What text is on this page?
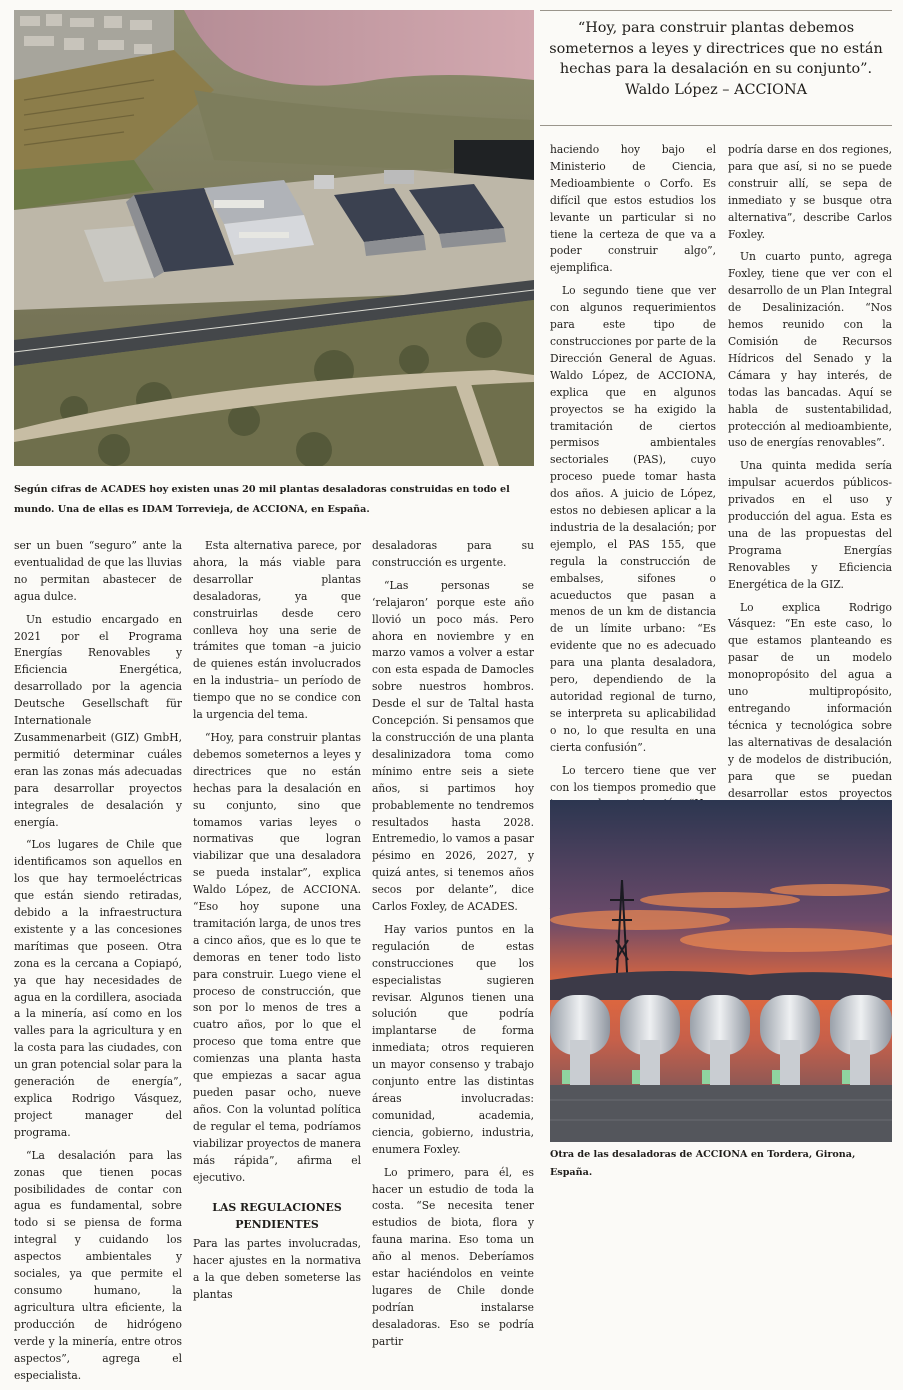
Según cifras de ACADES hoy existen unas 20 mil plantas desaladoras construidas en todo el mundo. Una de ellas es IDAM Torrevieja, de ACCIONA, en España.
“Hoy, para construir plantas debemos someternos a leyes y directrices que no están hechas para la desalación en su conjunto”.
Waldo López – ACCIONA

ser un buen “seguro” ante la eventualidad de que las lluvias no permitan abastecer de agua dulce.

Un estudio encargado en 2021 por el Programa Energías Renovables y Eficiencia Energética, desarrollado por la agencia Deutsche Gesellschaft für Internationale Zusammenarbeit (GIZ) GmbH, permitió determinar cuáles eran las zonas más adecuadas para desarrollar proyectos integrales de desalación y energía.

“Los lugares de Chile que identificamos son aquellos en los que hay termoeléctricas que están siendo retiradas, debido a la infraestructura existente y a las concesiones marítimas que poseen. Otra zona es la cercana a Copiapó, ya que hay necesidades de agua en la cordillera, asociada a la minería, así como en los valles para la agricultura y en la costa para las ciudades, con un gran potencial solar para la generación de energía”, explica Rodrigo Vásquez, project manager del programa.

“La desalación para las zonas que tienen pocas posibilidades de contar con agua es fundamental, sobre todo si se piensa de forma integral y cuidando los aspectos ambientales y sociales, ya que permite el consumo humano, la agricultura ultra eficiente, la producción de hidrógeno verde y la minería, entre otros aspectos”, agrega el especialista.

Esta alternativa parece, por ahora, la más viable para desarrollar plantas desaladoras, ya que construirlas desde cero conlleva hoy una serie de trámites que toman –a juicio de quienes están involucrados en la industria– un período de tiempo que no se condice con la urgencia del tema.

“Hoy, para construir plantas debemos someternos a leyes y directrices que no están hechas para la desalación en su conjunto, sino que tomamos varias leyes o normativas que logran viabilizar que una desaladora se pueda instalar”, explica Waldo López, de ACCIONA. “Eso hoy supone una tramitación larga, de unos tres a cinco años, que es lo que te demoras en tener todo listo para construir. Luego viene el proceso de construcción, que son por lo menos de tres a cuatro años, por lo que el proceso que toma entre que comienzas una planta hasta que empiezas a sacar agua pueden pasar ocho, nueve años. Con la voluntad política de regular el tema, podríamos viabilizar proyectos de manera más rápida”, afirma el ejecutivo.

LAS REGULACIONES PENDIENTES

Para las partes involucradas, hacer ajustes en la normativa a la que deben someterse las plantas

desaladoras para su construcción es urgente.

“Las personas se ‘relajaron’ porque este año llovió un poco más. Pero ahora en noviembre y en marzo vamos a volver a estar con esta espada de Damocles sobre nuestros hombros. Desde el sur de Taltal hasta Concepción. Si pensamos que la construcción de una planta desalinizadora toma como mínimo entre seis a siete años, si partimos hoy probablemente no tendremos resultados hasta 2028. Entremedio, lo vamos a pasar pésimo en 2026, 2027, y quizá antes, si tenemos años secos por delante”, dice Carlos Foxley, de ACADES.

Hay varios puntos en la regulación de estas construcciones que los especialistas sugieren revisar. Algunos tienen una solución que podría implantarse de forma inmediata; otros requieren un mayor consenso y trabajo conjunto entre las distintas áreas involucradas: comunidad, academia, ciencia, gobierno, industria, enumera Foxley.

Lo primero, para él, es hacer un estudio de toda la costa. “Se necesita tener estudios de biota, flora y fauna marina. Eso toma un año al menos. Deberíamos estar haciéndolos en veinte lugares de Chile donde podrían instalarse desaladoras. Eso se podría partir

haciendo hoy bajo el Ministerio de Ciencia, Medioambiente o Corfo. Es difícil que estos estudios los levante un particular si no tiene la certeza de que va a poder construir algo”, ejemplifica.

Lo segundo tiene que ver con algunos requerimientos para este tipo de construcciones por parte de la Dirección General de Aguas. Waldo López, de ACCIONA, explica que en algunos proyectos se ha exigido la tramitación de ciertos permisos ambientales sectoriales (PAS), cuyo proceso puede tomar hasta dos años. A juicio de López, estos no debiesen aplicar a la industria de la desalación; por ejemplo, el PAS 155, que regula la construcción de embalses, sifones o acueductos que pasan a menos de un km de distancia de un límite urbano: “Es evidente que no es adecuado para una planta desaladora, pero, dependiendo de la autoridad regional de turno, se interpreta su aplicabilidad o no, lo que resulta en una cierta confusión”.

Lo tercero tiene que ver con los tiempos promedio que

podría darse en dos regiones, para que así, si no se puede construir allí, se sepa de inmediato y se busque otra alternativa”, describe Carlos Foxley.

Un cuarto punto, agrega Foxley, tiene que ver con el desarrollo de un Plan Integral de Desalinización. “Nos hemos reunido con la Comisión de Recursos Hídricos del Senado y la Cámara y hay interés, de todas las bancadas. Aquí se habla de sustentabilidad, protección al medioambiente, uso de energías renovables”.

Una quinta medida sería impulsar acuerdos públicos-privados en el uso y producción del agua. Esta es una de las propuestas del Programa Energías Renovables y Eficiencia Energética de la GIZ.

Lo explica Rodrigo Vásquez: “En este caso, lo que estamos planteando es pasar de un modelo monopropósito del agua a uno multipropósito, entregando información técnica y tecnológica sobre las alternativas de desalación y de modelos de distribución, para que se puedan desarrollar estos proyectos

Otra de las desaladoras de ACCIONA en Tordera, Girona, España.
